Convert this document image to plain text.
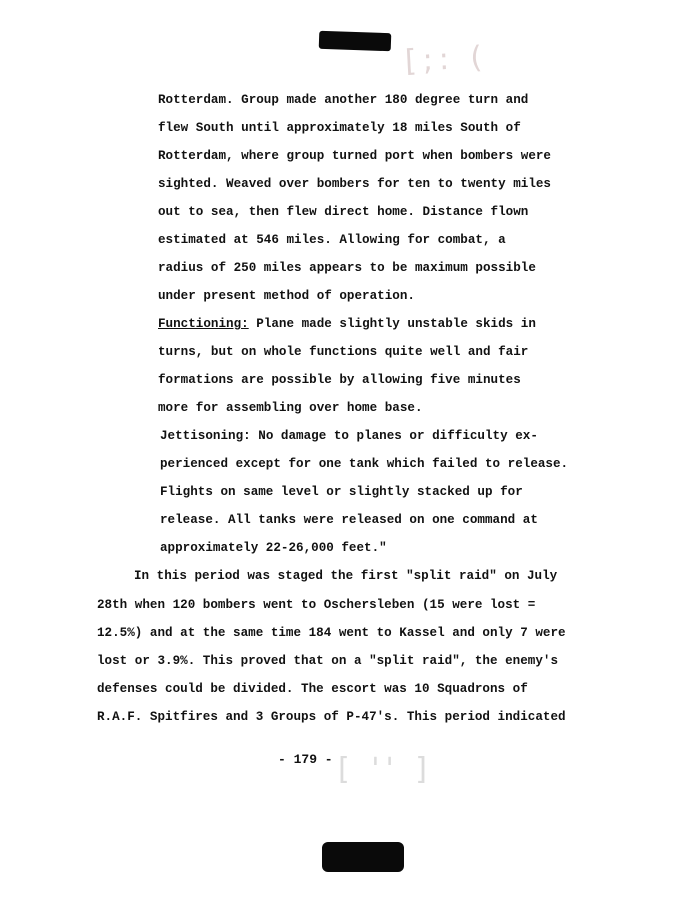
[;: (
Rotterdam. Group made another 180 degree turn and
flew South until approximately 18 miles South of
Rotterdam, where group turned port when bombers were
sighted. Weaved over bombers for ten to twenty miles
out to sea, then flew direct home. Distance flown
estimated at 546 miles. Allowing for combat, a
radius of 250 miles appears to be maximum possible
under present method of operation.
Functioning: Plane made slightly unstable skids in
turns, but on whole functions quite well and fair
formations are possible by allowing five minutes
more for assembling over home base.
Jettisoning: No damage to planes or difficulty ex-
perienced except for one tank which failed to release.
Flights on same level or slightly stacked up for
release. All tanks were released on one command at
approximately 22-26,000 feet."
In this period was staged the first "split raid" on July
28th when 120 bombers went to Oschersleben (15 were lost =
12.5%) and at the same time 184 went to Kassel and only 7 were
lost or 3.9%. This proved that on a "split raid", the enemy's
defenses could be divided. The escort was 10 Squadrons of
R.A.F. Spitfires and 3 Groups of P-47's. This period indicated
- 179 - [ '' ]
